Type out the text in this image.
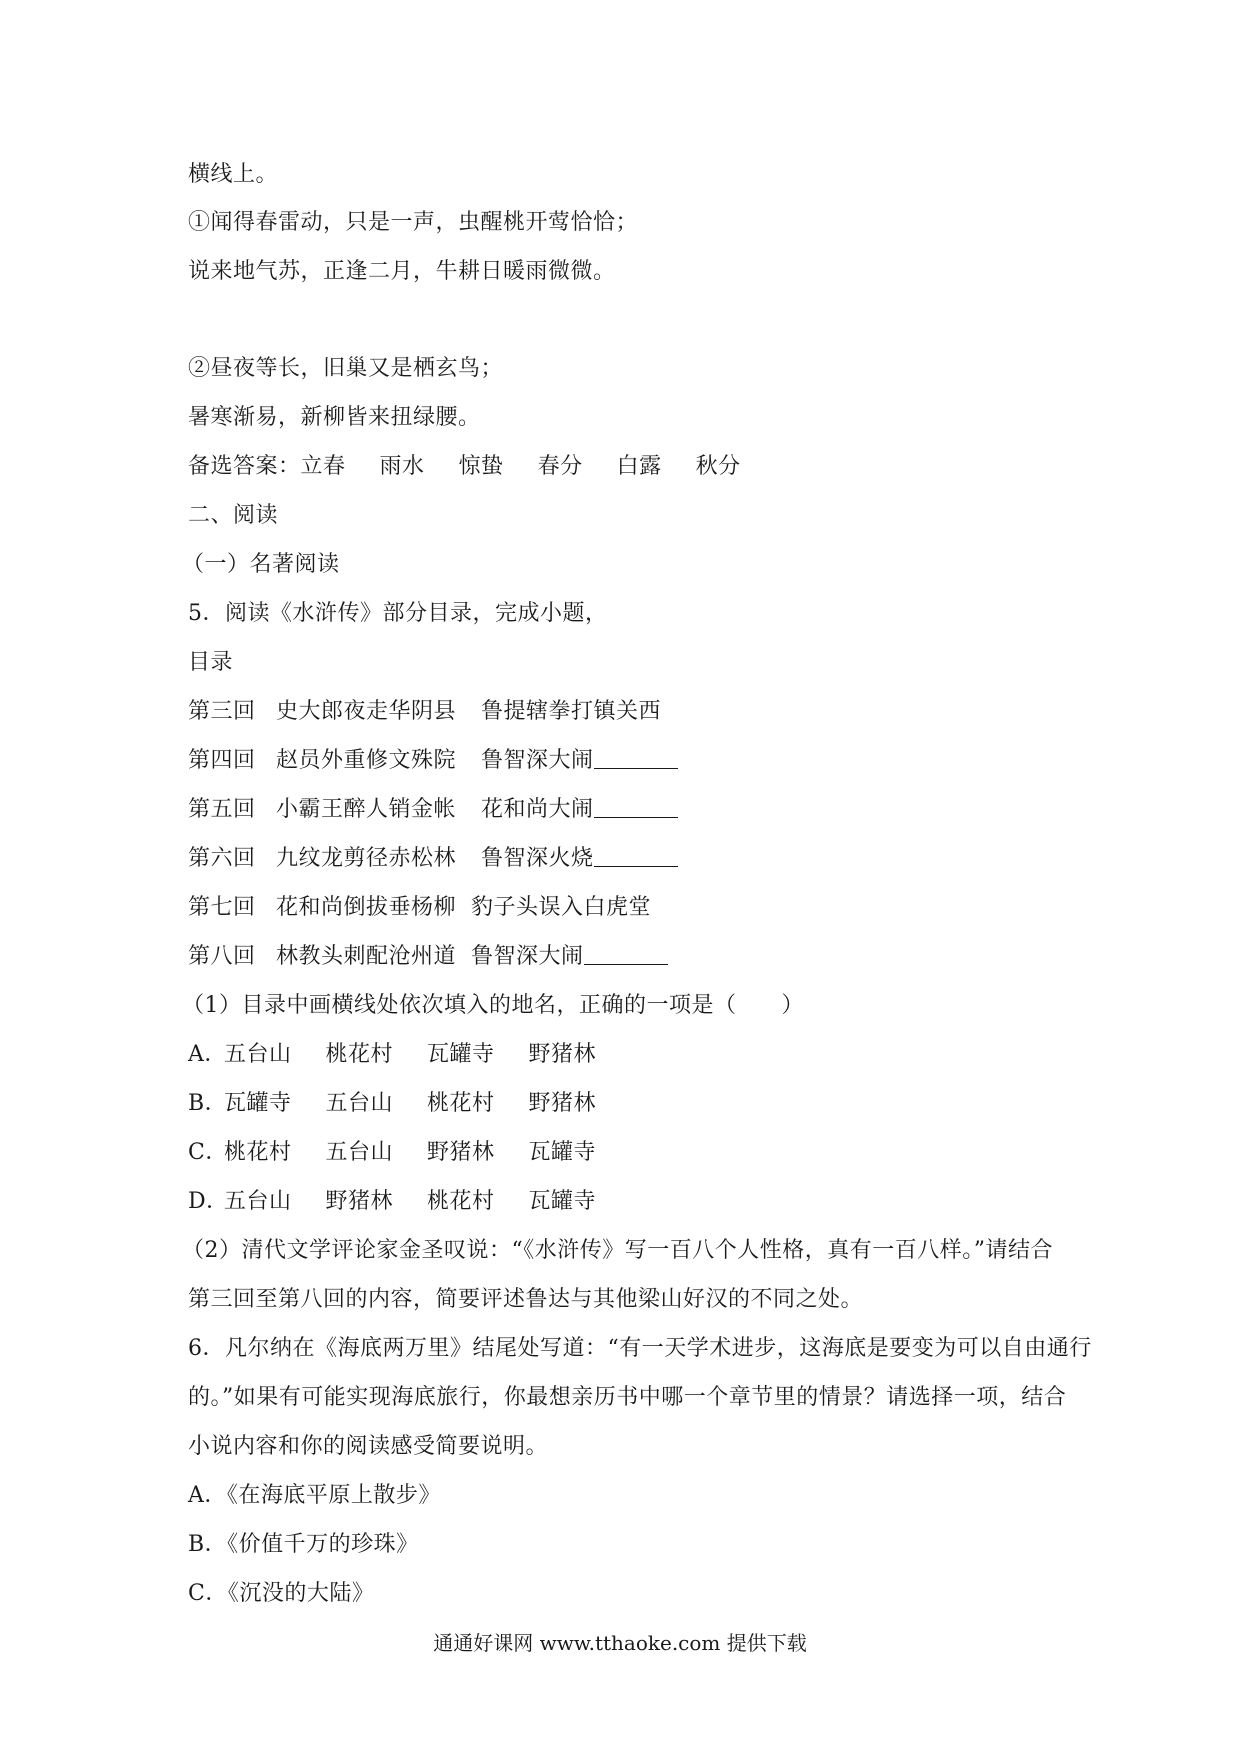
横线上。
①闻得春雷动，只是一声，虫醒桃开莺恰恰；
说来地气苏，正逢二月，牛耕日暖雨微微。
②昼夜等长，旧巢又是栖玄鸟；
暑寒渐易，新柳皆来扭绿腰。
备选答案：立春 雨水 惊蛰 春分 白露 秋分
二、阅读
（一）名著阅读
5．阅读《水浒传》部分目录，完成小题，
目录
第三回 史大郎夜走华阴县 鲁提辖拳打镇关西
第四回 赵员外重修文殊院 鲁智深大闹
第五回 小霸王醉人销金帐 花和尚大闹
第六回 九纹龙剪径赤松林 鲁智深火烧
第七回 花和尚倒拔垂杨柳 豹子头误入白虎堂
第八回 林教头刺配沧州道 鲁智深大闹
（1）目录中画横线处依次填入的地名，正确的一项是（　　）
A．五台山 桃花村 瓦罐寺 野猪林
B．瓦罐寺 五台山 桃花村 野猪林
C．桃花村 五台山 野猪林 瓦罐寺
D．五台山 野猪林 桃花村 瓦罐寺
（2）清代文学评论家金圣叹说：“《水浒传》写一百八个人性格，真有一百八样。”请结合
第三回至第八回的内容，简要评述鲁达与其他梁山好汉的不同之处。
6．凡尔纳在《海底两万里》结尾处写道：“有一天学术进步，这海底是要变为可以自由通行
的。”如果有可能实现海底旅行，你最想亲历书中哪一个章节里的情景？请选择一项，结合
小说内容和你的阅读感受简要说明。
A．《在海底平原上散步》
B．《价值千万的珍珠》
C．《沉没的大陆》
通通好课网 www.tthaoke.com 提供下载
